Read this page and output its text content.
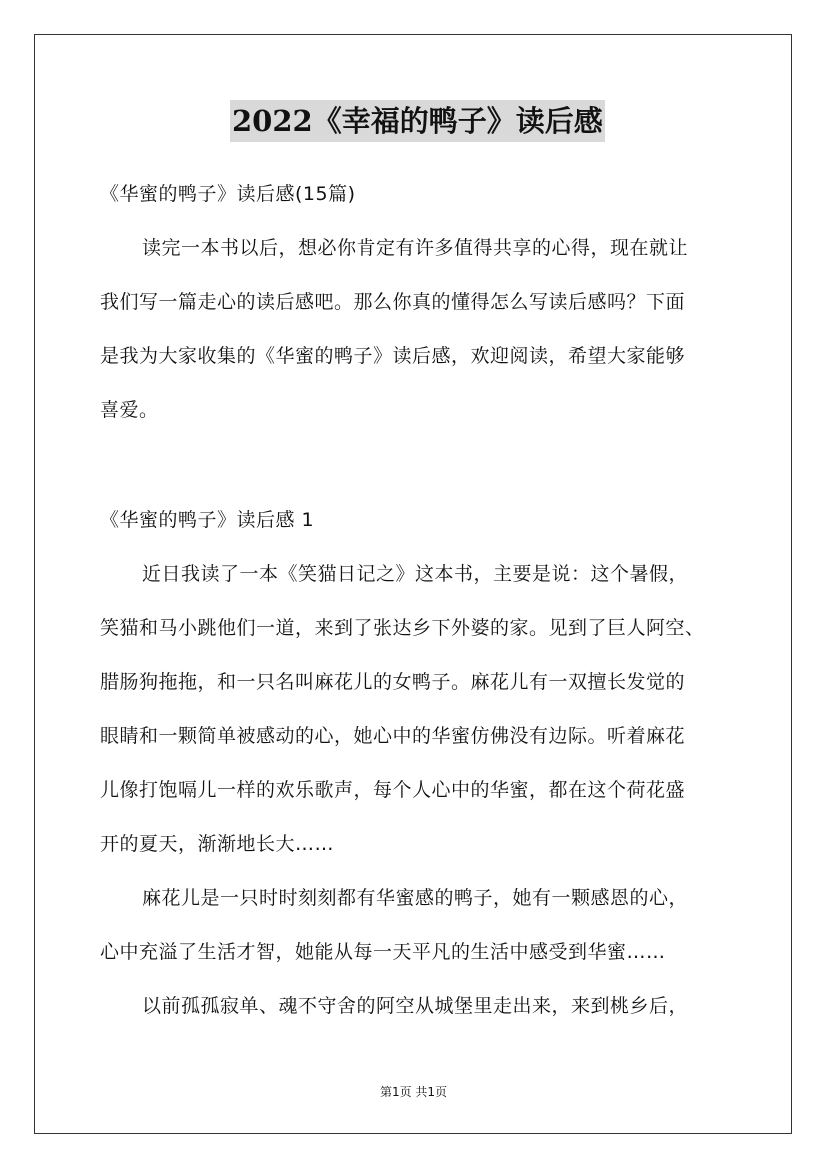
2022《幸福的鸭子》读后感
《华蜜的鸭子》读后感(15篇)
读完一本书以后，想必你肯定有许多值得共享的心得，现在就让
我们写一篇走心的读后感吧。那么你真的懂得怎么写读后感吗？下面
是我为大家收集的《华蜜的鸭子》读后感，欢迎阅读，希望大家能够
喜爱。
《华蜜的鸭子》读后感 1
近日我读了一本《笑猫日记之》这本书，主要是说：这个暑假，
笑猫和马小跳他们一道，来到了张达乡下外婆的家。见到了巨人阿空、
腊肠狗拖拖，和一只名叫麻花儿的女鸭子。麻花儿有一双擅长发觉的
眼睛和一颗简单被感动的心，她心中的华蜜仿佛没有边际。听着麻花
儿像打饱嗝儿一样的欢乐歌声，每个人心中的华蜜，都在这个荷花盛
开的夏天，渐渐地长大……
麻花儿是一只时时刻刻都有华蜜感的鸭子，她有一颗感恩的心，
心中充溢了生活才智，她能从每一天平凡的生活中感受到华蜜……
以前孤孤寂单、魂不守舍的阿空从城堡里走出来，来到桃乡后，
第1页 共1页
